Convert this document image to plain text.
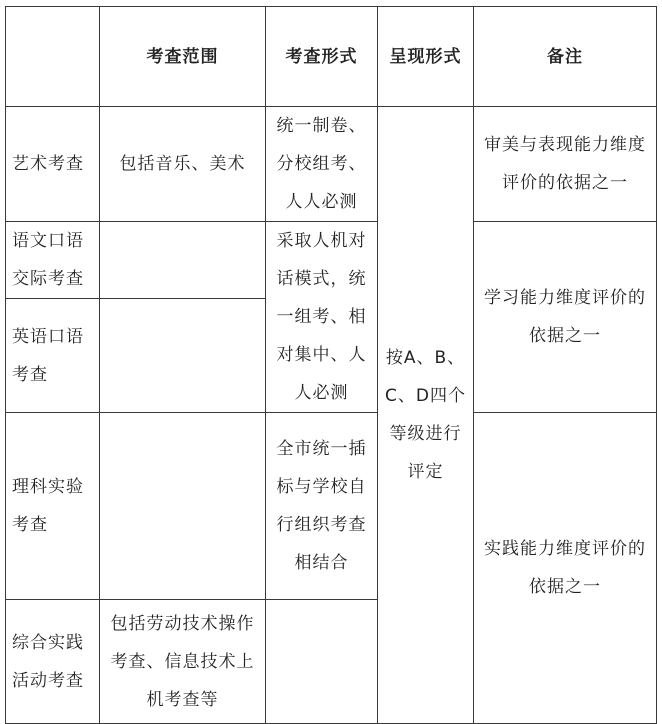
	考查范围	考查形式	呈现形式	备注
艺术考查	包括音乐、美术	统一制卷、分校组考、人人必测	按A、B、C、D四个等级进行评定	审美与表现能力维度评价的依据之一
语文口语交际考查		采取人机对话模式，统一组考、相对集中、人人必测		学习能力维度评价的依据之一
英语口语考查				
理科实验考查		全市统一插标与学校自行组织考查相结合		实践能力维度评价的依据之一
综合实践活动考查	包括劳动技术操作考查、信息技术上机考查等			
